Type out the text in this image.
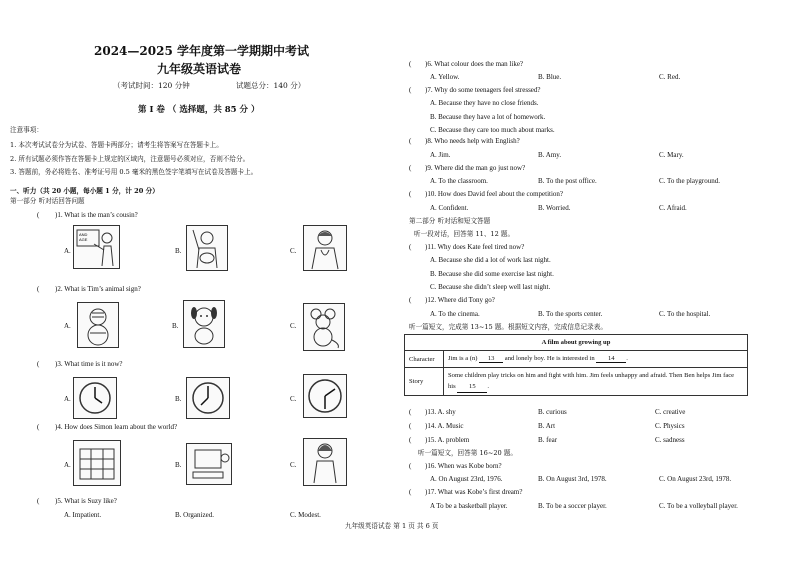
2024—2025 学年度第一学期期中考试
九年级英语试卷
（考试时间：120 分钟	试题总分：140 分）
第 I 卷 （ 选择题，共 85 分 ）
注意事项：
1. 本次考试试卷分为试卷、答题卡两部分；请考生将答案写在答题卡上。
2. 所有试题必须作答在答题卡上规定的区域内，注意题号必须对应，否则不给分。
3. 答题前，务必将姓名、准考证号用 0.5 毫米的黑色签字笔填写在试卷及答题卡上。
一、听力（共 20 小题，每小题 1 分，计 20 分）
第一部分 听对话回答问题
( )1. What is the man’s cousin?
A.	B.	C.
AND
AGE
( )2. What is Tim’s animal sign?
A.	B.	C.
( )3. What time is it now?
A.	B.	C.
( )4. How does Simon learn about the world?
A.	B.	C.
( )5. What is Suzy like?
A. Impatient.	B. Organized.	C. Modest.
( )6. What colour does the man like?
A. Yellow.	B. Blue.	C. Red.
( )7. Why do some teenagers feel stressed?
A. Because they have no close friends.
B. Because they have a lot of homework.
C. Because they care too much about marks.
( )8. Who needs help with English?
A. Jim.	B. Amy.	C. Mary.
( )9. Where did the man go just now?
A. To the classroom.	B. To the post office.	C. To the playground.
( )10. How does David feel about the competition?
A. Confident.	B. Worried.	C. Afraid.
第二部分 听对话和短文答题
听一段对话，回答第 11、12 题。
( )11. Why does Kate feel tired now?
A. Because she did a lot of work last night.
B. Because she did some exercise last night.
C. Because she didn’t sleep well last night.
( )12. Where did Tony go?
A. To the cinema.	B. To the sports center.	C. To the hospital.
听一篇短文，完成第 13~15 题。根据短文内容，完成信息记录表。
A film about growing up	
Character	Jim is a (n) 13 and lonely boy. He is interested in 14 .
Story	Some children play tricks on him and fight with him. Jim feels unhappy and afraid. Then Ben helps Jim face his 15 .
( )13. A. shy	B. curious	C. creative
( )14. A. Music	B. Art	C. Physics
( )15. A. problem	B. fear	C. sadness
听一篇短文，回答第 16~20 题。
( )16. When was Kobe born?
A. On August 23rd, 1976.	B. On August 3rd, 1978.	C. On August 23rd, 1978.
( )17. What was Kobe’s first dream?
A To be a basketball player.	B. To be a soccer player.	C. To be a volleyball player.
九年级英语试卷 第 1 页 共 6 页
